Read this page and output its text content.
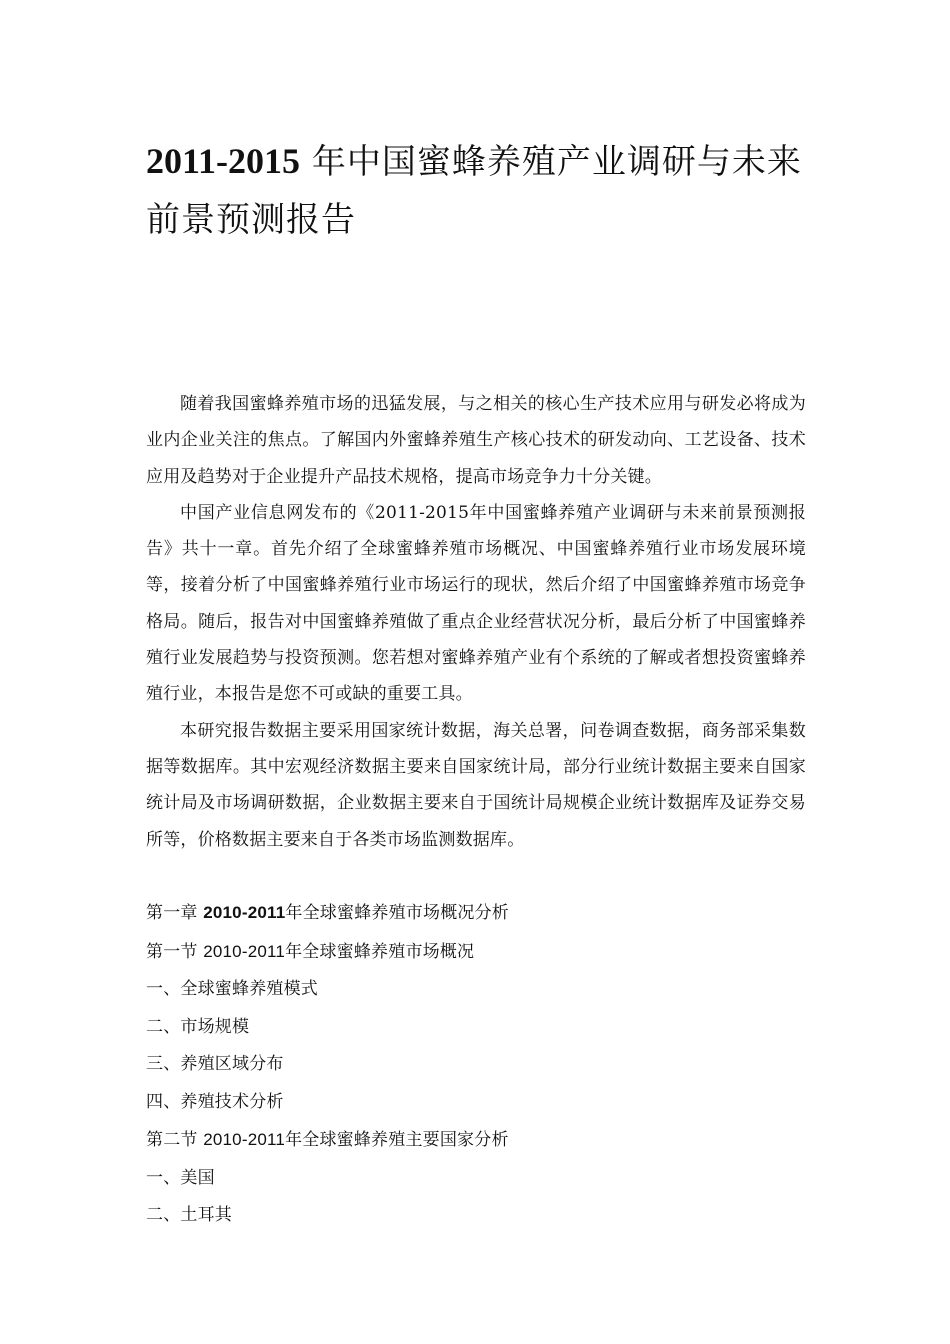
2011-2015 年中国蜜蜂养殖产业调研与未来前景预测报告

随着我国蜜蜂养殖市场的迅猛发展，与之相关的核心生产技术应用与研发必将成为业内企业关注的焦点。了解国内外蜜蜂养殖生产核心技术的研发动向、工艺设备、技术应用及趋势对于企业提升产品技术规格，提高市场竞争力十分关键。

中国产业信息网发布的《2011-2015年中国蜜蜂养殖产业调研与未来前景预测报告》共十一章。首先介绍了全球蜜蜂养殖市场概况、中国蜜蜂养殖行业市场发展环境等，接着分析了中国蜜蜂养殖行业市场运行的现状，然后介绍了中国蜜蜂养殖市场竞争格局。随后，报告对中国蜜蜂养殖做了重点企业经营状况分析，最后分析了中国蜜蜂养殖行业发展趋势与投资预测。您若想对蜜蜂养殖产业有个系统的了解或者想投资蜜蜂养殖行业，本报告是您不可或缺的重要工具。

本研究报告数据主要采用国家统计数据，海关总署，问卷调查数据，商务部采集数据等数据库。其中宏观经济数据主要来自国家统计局，部分行业统计数据主要来自国家统计局及市场调研数据，企业数据主要来自于国统计局规模企业统计数据库及证券交易所等，价格数据主要来自于各类市场监测数据库。

第一章 2010-2011年全球蜜蜂养殖市场概况分析
第一节 2010-2011年全球蜜蜂养殖市场概况
一、全球蜜蜂养殖模式
二、市场规模
三、养殖区域分布
四、养殖技术分析
第二节 2010-2011年全球蜜蜂养殖主要国家分析
一、美国
二、土耳其
